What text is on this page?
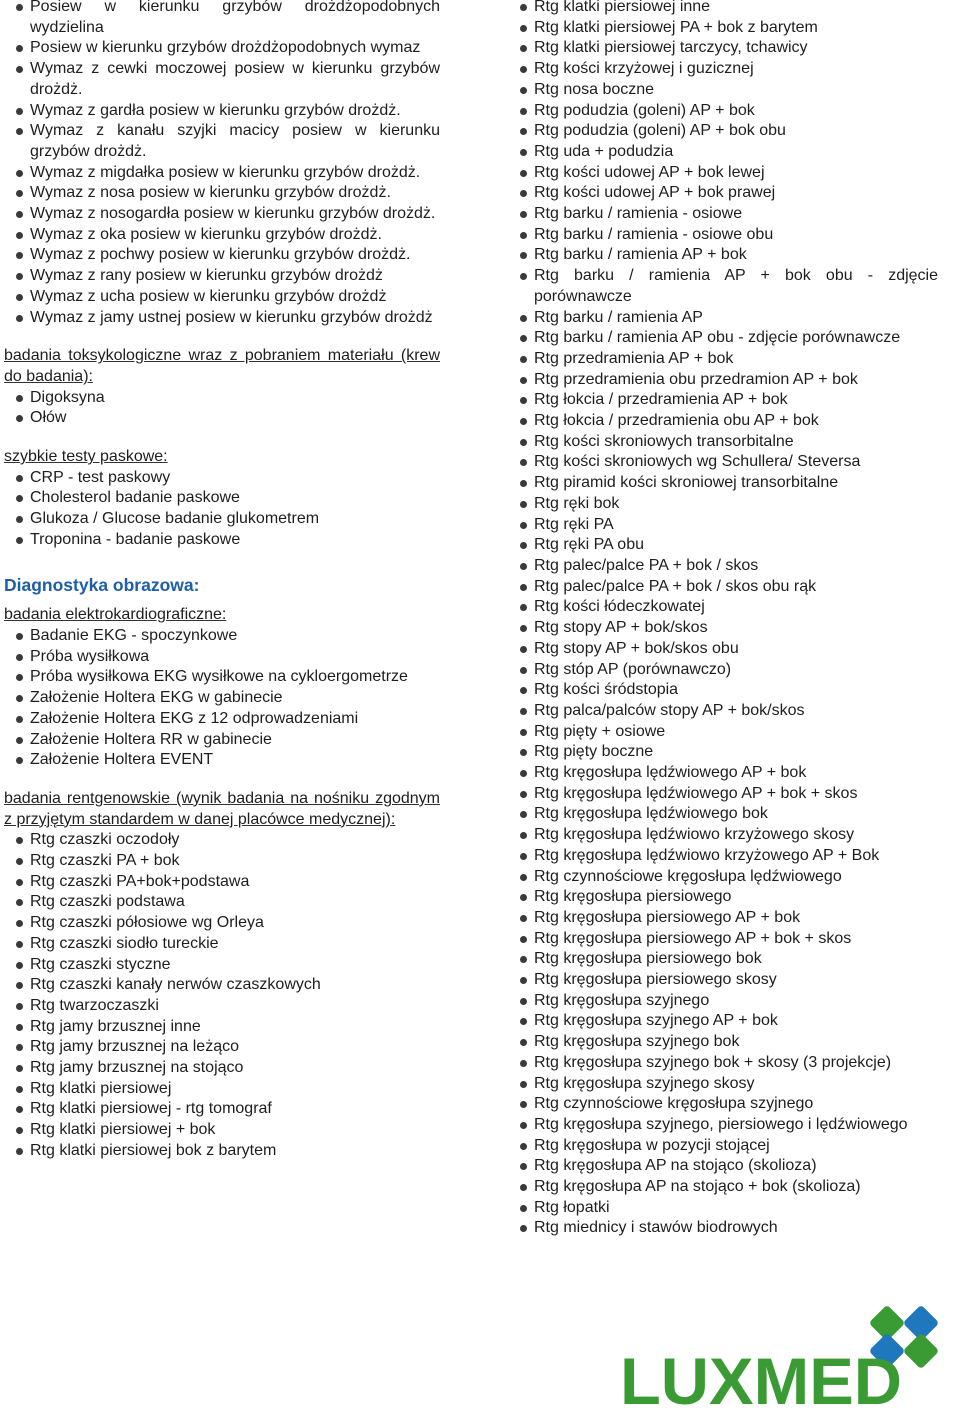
Posiew w kierunku grzybów drożdżopodobnych wydzielina
Posiew w kierunku grzybów drożdżopodobnych wymaz
Wymaz z cewki moczowej posiew w kierunku grzybów drożdż.
Wymaz z gardła posiew w kierunku grzybów drożdż.
Wymaz z kanału szyjki macicy posiew w kierunku grzybów drożdż.
Wymaz z migdałka posiew w kierunku grzybów drożdż.
Wymaz z nosa posiew w kierunku grzybów drożdż.
Wymaz z nosogardła posiew w kierunku grzybów drożdż.
Wymaz z oka posiew w kierunku grzybów drożdż.
Wymaz z pochwy posiew w kierunku grzybów drożdż.
Wymaz z rany posiew w kierunku grzybów drożdż
Wymaz z ucha posiew w kierunku grzybów drożdż
Wymaz z jamy ustnej posiew w kierunku grzybów drożdż
badania toksykologiczne wraz z pobraniem materiału (krew do badania):
Digoksyna
Ołów
szybkie testy paskowe:
CRP - test paskowy
Cholesterol badanie paskowe
Glukoza / Glucose badanie glukometrem
Troponina - badanie paskowe
Diagnostyka obrazowa:
badania elektrokardiograficzne:
Badanie EKG - spoczynkowe
Próba wysiłkowa
Próba wysiłkowa EKG wysiłkowe na cykloergometrze
Założenie Holtera EKG w gabinecie
Założenie Holtera EKG z 12 odprowadzeniami
Założenie Holtera RR w gabinecie
Założenie Holtera EVENT
badania rentgenowskie (wynik badania na nośniku zgodnym z przyjętym standardem w danej placówce medycznej):
Rtg czaszki oczodoły
Rtg czaszki PA + bok
Rtg czaszki PA+bok+podstawa
Rtg czaszki podstawa
Rtg czaszki półosiowe wg Orleya
Rtg czaszki siodło tureckie
Rtg czaszki styczne
Rtg czaszki kanały nerwów czaszkowych
Rtg twarzoczaszki
Rtg jamy brzusznej inne
Rtg jamy brzusznej na leżąco
Rtg jamy brzusznej na stojąco
Rtg klatki piersiowej
Rtg klatki piersiowej - rtg tomograf
Rtg klatki piersiowej + bok
Rtg klatki piersiowej bok z barytem
Rtg klatki piersiowej inne
Rtg klatki piersiowej PA + bok z barytem
Rtg klatki piersiowej tarczycy, tchawicy
Rtg kości krzyżowej i guzicznej
Rtg nosa boczne
Rtg podudzia (goleni) AP + bok
Rtg podudzia (goleni) AP + bok obu
Rtg uda + podudzia
Rtg kości udowej AP + bok lewej
Rtg kości udowej AP + bok prawej
Rtg barku / ramienia - osiowe
Rtg barku / ramienia - osiowe obu
Rtg barku / ramienia AP + bok
Rtg barku / ramienia AP + bok obu - zdjęcie porównawcze
Rtg barku / ramienia AP
Rtg barku / ramienia AP obu - zdjęcie porównawcze
Rtg przedramienia AP + bok
Rtg przedramienia obu przedramion AP + bok
Rtg łokcia / przedramienia AP + bok
Rtg łokcia / przedramienia obu AP + bok
Rtg kości skroniowych transorbitalne
Rtg kości skroniowych wg Schullera/ Steversa
Rtg piramid kości skroniowej transorbitalne
Rtg ręki bok
Rtg ręki PA
Rtg ręki PA obu
Rtg palec/palce PA + bok / skos
Rtg palec/palce PA + bok / skos obu rąk
Rtg kości łódeczkowatej
Rtg stopy AP + bok/skos
Rtg stopy AP + bok/skos obu
Rtg stóp AP (porównawczo)
Rtg kości śródstopia
Rtg palca/palców stopy AP + bok/skos
Rtg pięty + osiowe
Rtg pięty boczne
Rtg kręgosłupa lędźwiowego AP + bok
Rtg kręgosłupa lędźwiowego AP + bok + skos
Rtg kręgosłupa lędźwiowego bok
Rtg kręgosłupa lędźwiowo krzyżowego skosy
Rtg kręgosłupa lędźwiowo krzyżowego AP + Bok
Rtg czynnościowe kręgosłupa lędźwiowego
Rtg kręgosłupa piersiowego
Rtg kręgosłupa piersiowego AP + bok
Rtg kręgosłupa piersiowego AP + bok + skos
Rtg kręgosłupa piersiowego bok
Rtg kręgosłupa piersiowego skosy
Rtg kręgosłupa szyjnego
Rtg kręgosłupa szyjnego AP + bok
Rtg kręgosłupa szyjnego bok
Rtg kręgosłupa szyjnego bok + skosy (3 projekcje)
Rtg kręgosłupa szyjnego skosy
Rtg czynnościowe kręgosłupa szyjnego
Rtg kręgosłupa szyjnego, piersiowego i lędźwiowego
Rtg kręgosłupa w pozycji stojącej
Rtg kręgosłupa AP na stojąco (skolioza)
Rtg kręgosłupa AP na stojąco + bok (skolioza)
Rtg łopatki
Rtg miednicy i stawów biodrowych
LUXMED
